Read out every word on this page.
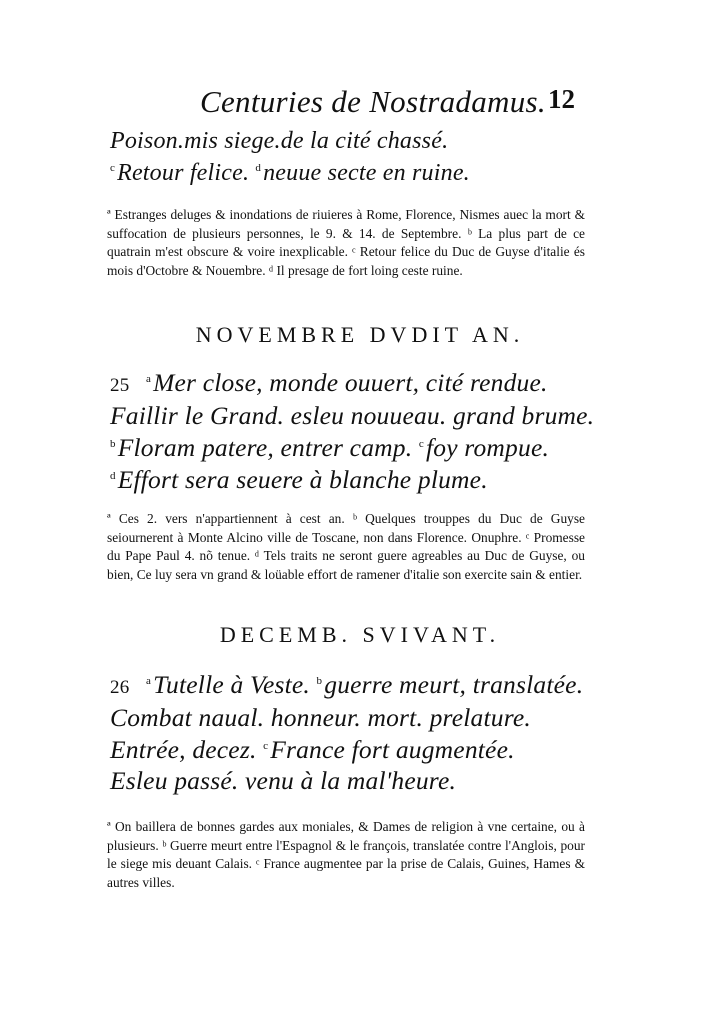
Centuries de Nostradamus. 12
Poison.mis siege.de la cité chassé.
$^c$Retour felice. $^d$neuue secte en ruine.
ª Estranges deluges & inondations de riuieres à Rome, Florence, Nismes auec la mort & suffocation de plusieurs personnes, le 9. & 14. de Septembre. ᵇ La plus part de ce quatrain m'est obscure & voire inexplicable. ᶜ Retour felice du Duc de Guyse d'italie és mois d'Octobre & Nouembre. ᵈ Il presage de fort loing ceste ruine.
NOVEMBRE DVDIT AN.
25 $^a$Mer close, monde ouuert, cité rendue.
Faillir le Grand. esleu nouueau. grand brume.
$^b$Floram patere, entrer camp. $^c$foy rompue.
$^d$Effort sera seuere à blanche plume.
ª Ces 2. vers n'appartiennent à cest an. ᵇ Quelques trouppes du Duc de Guyse seiournerent à Monte Alcino ville de Toscane, non dans Florence. Onuphre. ᶜ Promesse du Pape Paul 4. nõ tenue. ᵈ Tels traits ne seront guere agreables au Duc de Guyse, ou bien, Ce luy sera vn grand & loüable effort de ramener d'italie son exercite sain & entier.
DECEMB. SVIVANT.
26 $^a$Tutelle à Veste. $^b$guerre meurt, translatée.
Combat naual. honneur. mort. prelature.
Entrée, decez. $^c$France fort augmentée.
Esleu passé. venu à la mal'heure.
ª On baillera de bonnes gardes aux moniales, & Dames de religion à vne certaine, ou à plusieurs. ᵇ Guerre meurt entre l'Espagnol & le françois, translatée contre l'Anglois, pour le siege mis deuant Calais. ᶜ France augmentee par la prise de Calais, Guines, Hames & autres villes.
